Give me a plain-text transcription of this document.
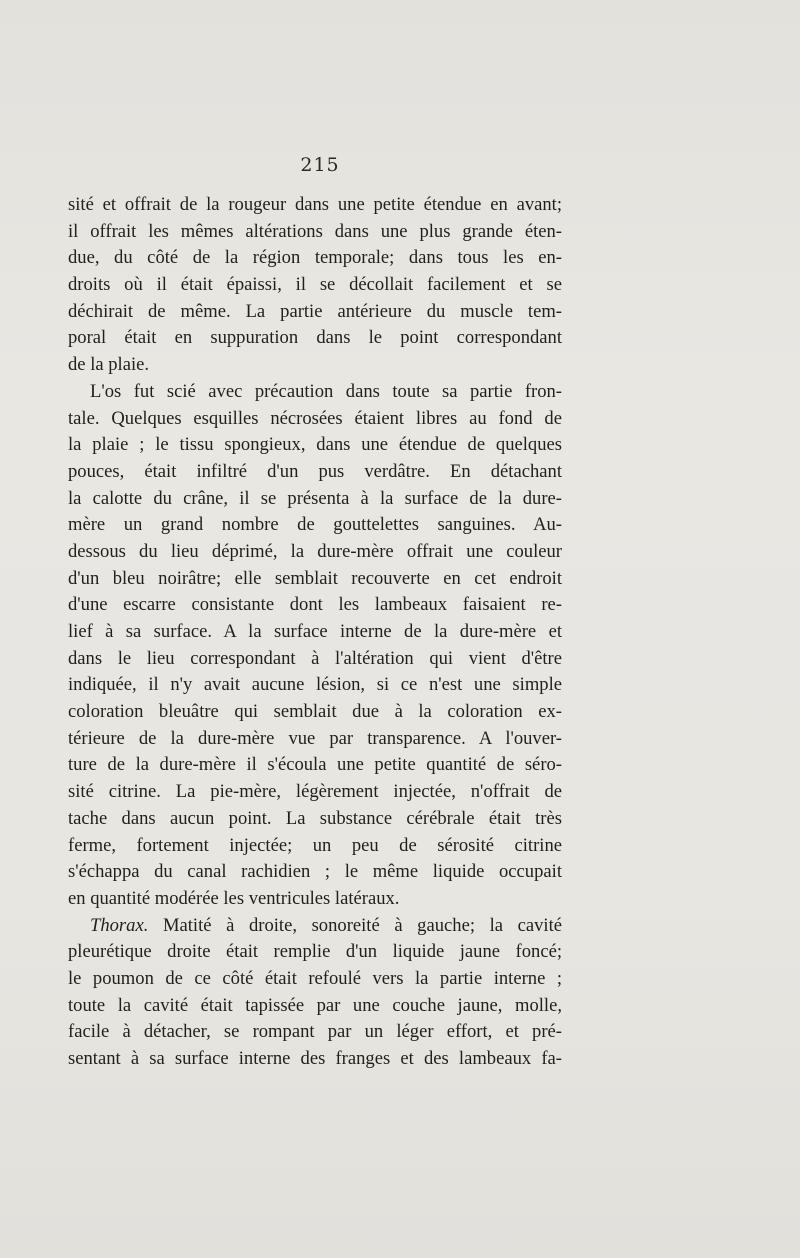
215
sité et offrait de la rougeur dans une petite étendue en avant;
il offrait les mêmes altérations dans une plus grande éten-
due, du côté de la région temporale; dans tous les en-
droits où il était épaissi, il se décollait facilement et se
déchirait de même. La partie antérieure du muscle tem-
poral était en suppuration dans le point correspondant
de la plaie.
L'os fut scié avec précaution dans toute sa partie fron-
tale. Quelques esquilles nécrosées étaient libres au fond de
la plaie ; le tissu spongieux, dans une étendue de quelques
pouces, était infiltré d'un pus verdâtre. En détachant
la calotte du crâne, il se présenta à la surface de la dure-
mère un grand nombre de gouttelettes sanguines. Au-
dessous du lieu déprimé, la dure-mère offrait une couleur
d'un bleu noirâtre; elle semblait recouverte en cet endroit
d'une escarre consistante dont les lambeaux faisaient re-
lief à sa surface. A la surface interne de la dure-mère et
dans le lieu correspondant à l'altération qui vient d'être
indiquée, il n'y avait aucune lésion, si ce n'est une simple
coloration bleuâtre qui semblait due à la coloration ex-
térieure de la dure-mère vue par transparence. A l'ouver-
ture de la dure-mère il s'écoula une petite quantité de séro-
sité citrine. La pie-mère, légèrement injectée, n'offrait de
tache dans aucun point. La substance cérébrale était très
ferme, fortement injectée; un peu de sérosité citrine
s'échappa du canal rachidien ; le même liquide occupait
en quantité modérée les ventricules latéraux.
Thorax. Matité à droite, sonoreité à gauche; la cavité
pleurétique droite était remplie d'un liquide jaune foncé;
le poumon de ce côté était refoulé vers la partie interne ;
toute la cavité était tapissée par une couche jaune, molle,
facile à détacher, se rompant par un léger effort, et pré-
sentant à sa surface interne des franges et des lambeaux fa-
